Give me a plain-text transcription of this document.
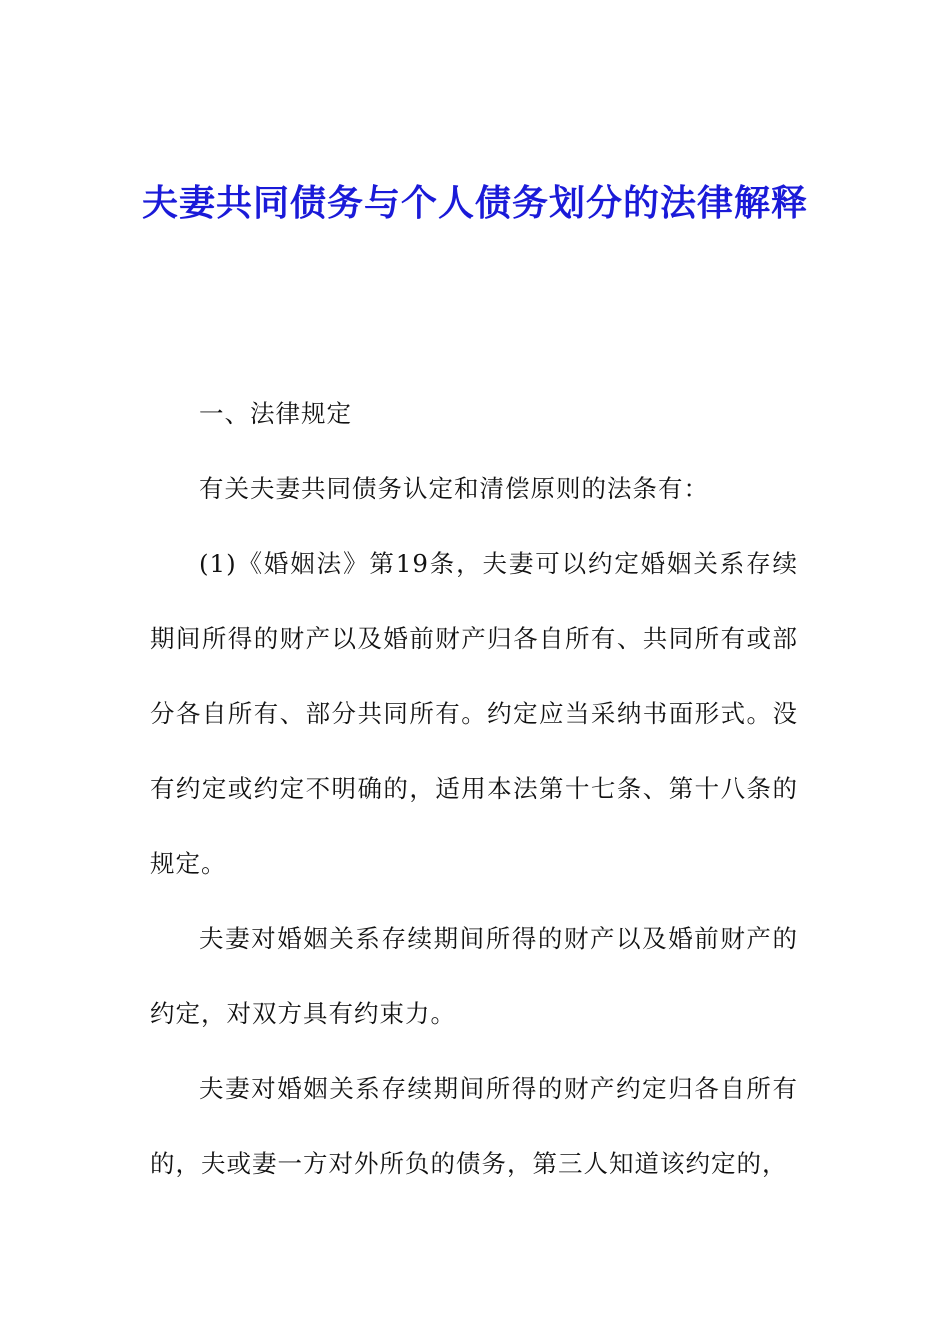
夫妻共同债务与个人债务划分的法律解释

一、法律规定

有关夫妻共同债务认定和清偿原则的法条有：

(1)《婚姻法》第19条，夫妻可以约定婚姻关系存续期间所得的财产以及婚前财产归各自所有、共同所有或部分各自所有、部分共同所有。约定应当采纳书面形式。没有约定或约定不明确的，适用本法第十七条、第十八条的规定。

夫妻对婚姻关系存续期间所得的财产以及婚前财产的约定，对双方具有约束力。

夫妻对婚姻关系存续期间所得的财产约定归各自所有的，夫或妻一方对外所负的债务，第三人知道该约定的，
